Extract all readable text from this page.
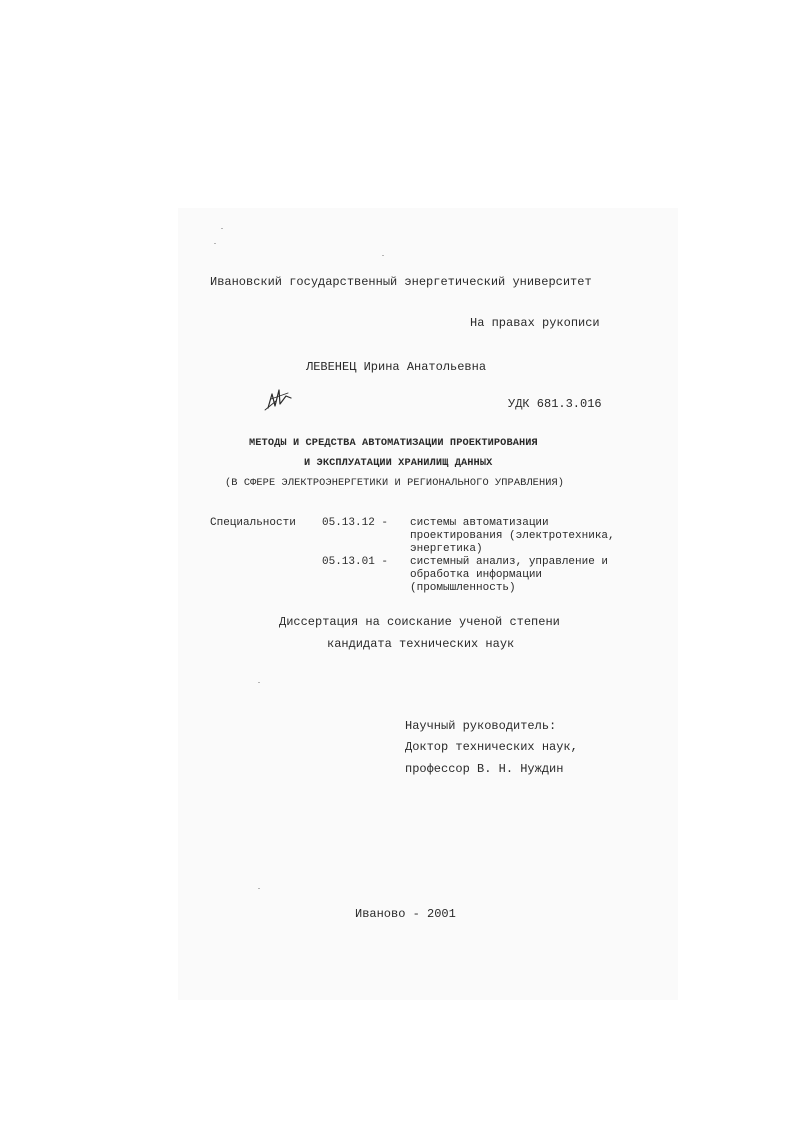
Ивановский государственный энергетический университет
На правах рукописи
ЛЕВЕНЕЦ Ирина Анатольевна
УДК 681.3.016
МЕТОДЫ И СРЕДСТВА АВТОМАТИЗАЦИИ ПРОЕКТИРОВАНИЯ
И ЭКСПЛУАТАЦИИ ХРАНИЛИЩ ДАННЫХ
(В СФЕРЕ ЭЛЕКТРОЭНЕРГЕТИКИ И РЕГИОНАЛЬНОГО УПРАВЛЕНИЯ)
Специальности 05.13.12 - системы автоматизации
проектирования (электротехника,
энергетика)
05.13.01 - системный анализ, управление и
обработка информации
(промышленность)
Диссертация на соискание ученой степени
кандидата технических наук
Научный руководитель:
Доктор технических наук,
профессор В. Н. Нуждин
Иваново - 2001
